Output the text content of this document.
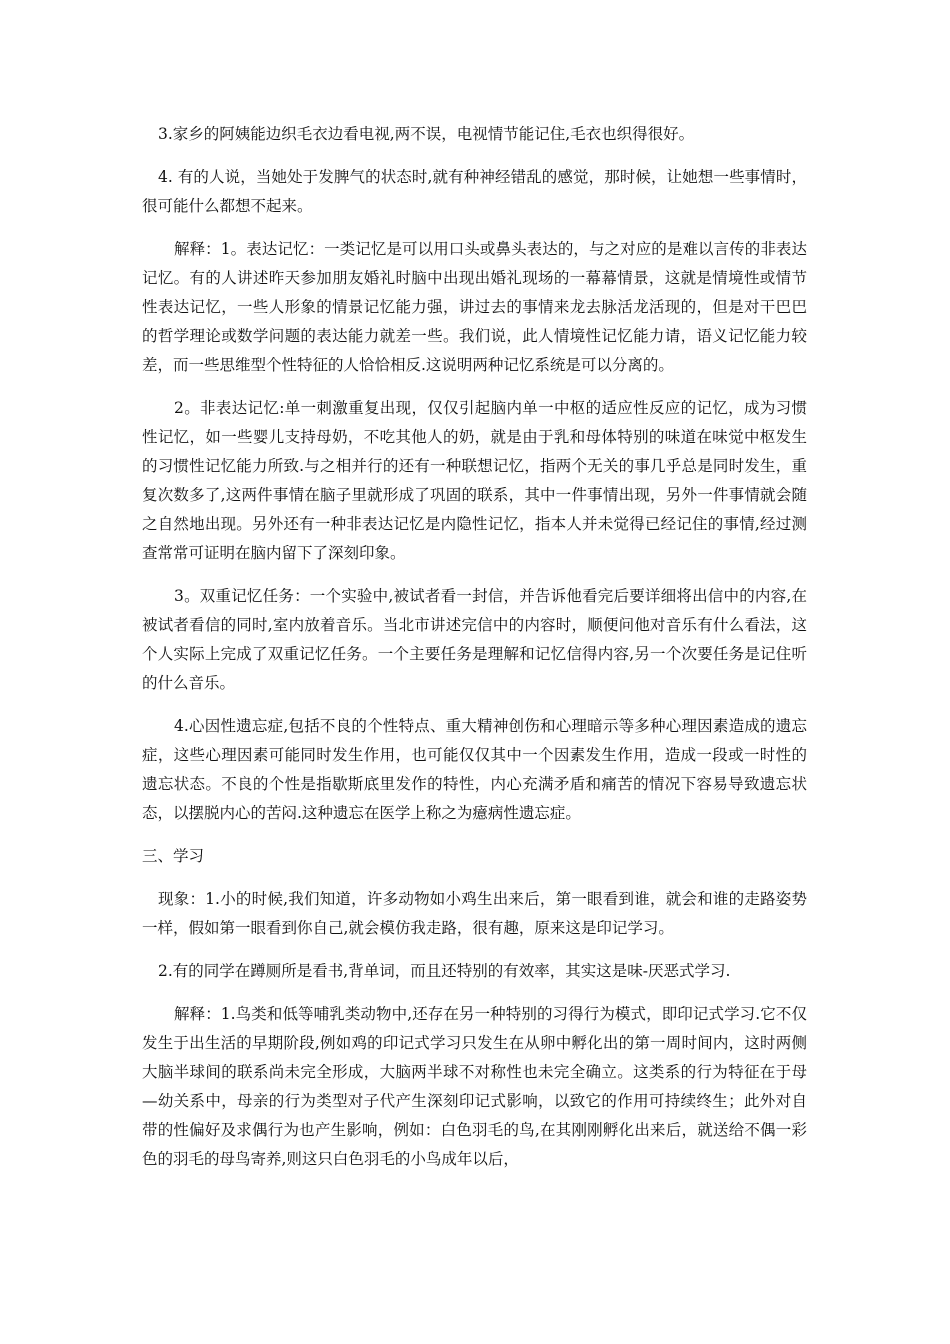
3.家乡的阿姨能边织毛衣边看电视,两不误，电视情节能记住,毛衣也织得很好。

4. 有的人说，当她处于发脾气的状态时,就有种神经错乱的感觉，那时候，让她想一些事情时，很可能什么都想不起来。

解释：1。表达记忆：一类记忆是可以用口头或鼻头表达的，与之对应的是难以言传的非表达记忆。有的人讲述昨天参加朋友婚礼时脑中出现出婚礼现场的一幕幕情景，这就是情境性或情节性表达记忆，一些人形象的情景记忆能力强，讲过去的事情来龙去脉活龙活现的，但是对干巴巴的哲学理论或数学问题的表达能力就差一些。我们说，此人情境性记忆能力请，语义记忆能力较差，而一些思维型个性特征的人恰恰相反.这说明两种记忆系统是可以分离的。

2。非表达记忆:单一刺激重复出现，仅仅引起脑内单一中枢的适应性反应的记忆，成为习惯性记忆，如一些婴儿支持母奶，不吃其他人的奶，就是由于乳和母体特别的味道在味觉中枢发生的习惯性记忆能力所致.与之相并行的还有一种联想记忆，指两个无关的事几乎总是同时发生，重复次数多了,这两件事情在脑子里就形成了巩固的联系，其中一件事情出现，另外一件事情就会随之自然地出现。另外还有一种非表达记忆是内隐性记忆，指本人并未觉得已经记住的事情,经过测查常常可证明在脑内留下了深刻印象。

3。双重记忆任务：一个实验中,被试者看一封信，并告诉他看完后要详细将出信中的内容,在被试者看信的同时,室内放着音乐。当北市讲述完信中的内容时，顺便问他对音乐有什么看法，这个人实际上完成了双重记忆任务。一个主要任务是理解和记忆信得内容,另一个次要任务是记住听的什么音乐。

4.心因性遗忘症,包括不良的个性特点、重大精神创伤和心理暗示等多种心理因素造成的遗忘症，这些心理因素可能同时发生作用，也可能仅仅其中一个因素发生作用，造成一段或一时性的遗忘状态。不良的个性是指歇斯底里发作的特性，内心充满矛盾和痛苦的情况下容易导致遗忘状态，以摆脱内心的苦闷.这种遗忘在医学上称之为癔病性遗忘症。

三、学习

现象：1.小的时候,我们知道，许多动物如小鸡生出来后，第一眼看到谁，就会和谁的走路姿势一样，假如第一眼看到你自己,就会模仿我走路，很有趣，原来这是印记学习。

2.有的同学在蹲厕所是看书,背单词，而且还特别的有效率，其实这是味-厌恶式学习.

解释：1.鸟类和低等哺乳类动物中,还存在另一种特别的习得行为模式，即印记式学习.它不仅发生于出生活的早期阶段,例如鸡的印记式学习只发生在从卵中孵化出的第一周时间内，这时两侧大脑半球间的联系尚未完全形成，大脑两半球不对称性也未完全确立。这类系的行为特征在于母—幼关系中，母亲的行为类型对子代产生深刻印记式影响，以致它的作用可持续终生；此外对自带的性偏好及求偶行为也产生影响，例如：白色羽毛的鸟,在其刚刚孵化出来后，就送给不偶一彩色的羽毛的母鸟寄养,则这只白色羽毛的小鸟成年以后，
